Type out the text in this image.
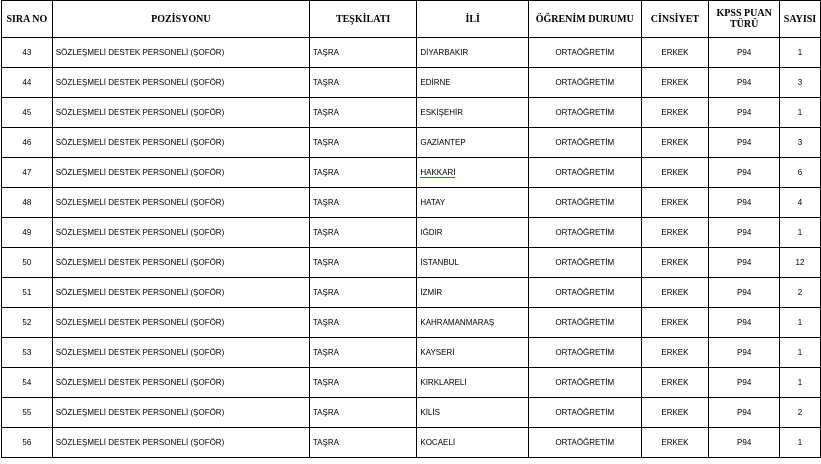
SIRA NO	POZİSYONU	TEŞKİLATI	İLİ	ÖĞRENİM DURUMU	CİNSİYET	KPSS PUAN TÜRÜ	SAYISI
43	SÖZLEŞMELİ DESTEK PERSONELİ (ŞOFÖR)	TAŞRA	DİYARBAKIR	ORTAÖĞRETİM	ERKEK	P94	1
44	SÖZLEŞMELİ DESTEK PERSONELİ (ŞOFÖR)	TAŞRA	EDİRNE	ORTAÖĞRETİM	ERKEK	P94	3
45	SÖZLEŞMELİ DESTEK PERSONELİ (ŞOFÖR)	TAŞRA	ESKİŞEHİR	ORTAÖĞRETİM	ERKEK	P94	1
46	SÖZLEŞMELİ DESTEK PERSONELİ (ŞOFÖR)	TAŞRA	GAZİANTEP	ORTAÖĞRETİM	ERKEK	P94	3
47	SÖZLEŞMELİ DESTEK PERSONELİ (ŞOFÖR)	TAŞRA	HAKKARİ	ORTAÖĞRETİM	ERKEK	P94	6
48	SÖZLEŞMELİ DESTEK PERSONELİ (ŞOFÖR)	TAŞRA	HATAY	ORTAÖĞRETİM	ERKEK	P94	4
49	SÖZLEŞMELİ DESTEK PERSONELİ (ŞOFÖR)	TAŞRA	IĞDIR	ORTAÖĞRETİM	ERKEK	P94	1
50	SÖZLEŞMELİ DESTEK PERSONELİ (ŞOFÖR)	TAŞRA	İSTANBUL	ORTAÖĞRETİM	ERKEK	P94	12
51	SÖZLEŞMELİ DESTEK PERSONELİ (ŞOFÖR)	TAŞRA	İZMİR	ORTAÖĞRETİM	ERKEK	P94	2
52	SÖZLEŞMELİ DESTEK PERSONELİ (ŞOFÖR)	TAŞRA	KAHRAMANMARAŞ	ORTAÖĞRETİM	ERKEK	P94	1
53	SÖZLEŞMELİ DESTEK PERSONELİ (ŞOFÖR)	TAŞRA	KAYSERİ	ORTAÖĞRETİM	ERKEK	P94	1
54	SÖZLEŞMELİ DESTEK PERSONELİ (ŞOFÖR)	TAŞRA	KIRKLARELİ	ORTAÖĞRETİM	ERKEK	P94	1
55	SÖZLEŞMELİ DESTEK PERSONELİ (ŞOFÖR)	TAŞRA	KİLİS	ORTAÖĞRETİM	ERKEK	P94	2
56	SÖZLEŞMELİ DESTEK PERSONELİ (ŞOFÖR)	TAŞRA	KOCAELİ	ORTAÖĞRETİM	ERKEK	P94	1
